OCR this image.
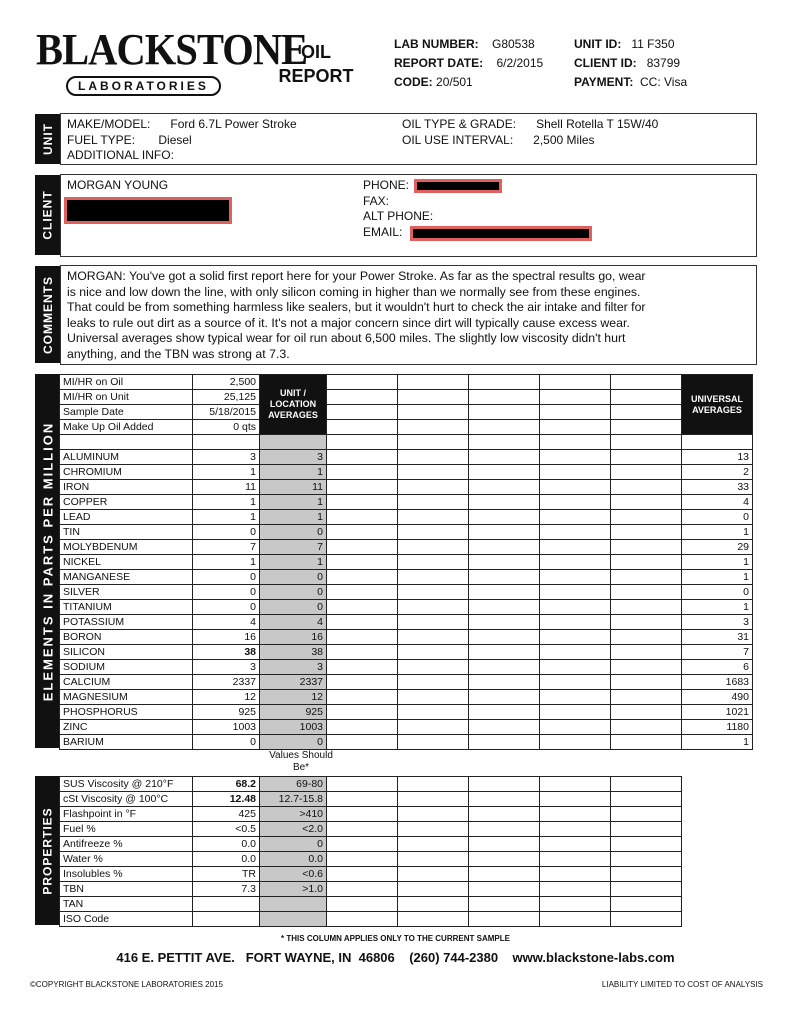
BLACKSTONE
LABORATORIES
OIL
REPORT
LAB NUMBER: G80538
REPORT DATE: 6/2/2015
CODE: 20/501
UNIT ID: 11 F350
CLIENT ID: 83799
PAYMENT: CC: Visa
UNIT MAKE/MODEL: Ford 6.7L Power Stroke
FUEL TYPE: Diesel
ADDITIONAL INFO:
OIL TYPE & GRADE: Shell Rotella T 15W/40
OIL USE INTERVAL: 2,500 Miles
CLIENT
MORGAN YOUNG	PHONE:
FAX:
ALT PHONE:
EMAIL:
COMMENTS MORGAN: You've got a solid first report here for your Power Stroke. As far as the spectral results go, wear
is nice and low down the line, with only silicon coming in higher than we normally see from these engines.
That could be from something harmless like sealers, but it wouldn't hurt to check the air intake and filter for
leaks to rule out dirt as a source of it. It's not a major concern since dirt will typically cause excess wear.
Universal averages show typical wear for oil run about 6,500 miles. The slightly low viscosity didn't hurt
anything, and the TBN was strong at 7.3.
ELEMENTS IN PARTS PER MILLION
MI/HR on Oil	2,500	UNIT / LOCATION AVERAGES						UNIVERSAL AVERAGES
MI/HR on Unit	25,125							
Sample Date	5/18/2015							
Make Up Oil Added	0 qts							

ALUMINUM	3	3						13
CHROMIUM	1	1						2
IRON	11	11						33
COPPER	1	1						4
LEAD	1	1						0
TIN	0	0						1
MOLYBDENUM	7	7						29
NICKEL	1	1						1
MANGANESE	0	0						1
SILVER	0	0						0
TITANIUM	0	0						1
POTASSIUM	4	4						3
BORON	16	16						31
SILICON	38	38						7
SODIUM	3	3						6
CALCIUM	2337	2337						1683
MAGNESIUM	12	12						490
PHOSPHORUS	925	925						1021
ZINC	1003	1003						1180
BARIUM	0	0						1
Values Should Be*
PROPERTIES
SUS Viscosity @ 210°F	68.2	69-80					
cSt Viscosity @ 100°C	12.48	12.7-15.8					
Flashpoint in °F	425	>410					
Fuel %	<0.5	<2.0					
Antifreeze %	0.0	0					
Water %	0.0	0.0					
Insolubles %	TR	<0.6					
TBN	7.3	>1.0					
TAN							
ISO Code							
* THIS COLUMN APPLIES ONLY TO THE CURRENT SAMPLE
416 E. PETTIT AVE.   FORT WAYNE, IN  46806    (260) 744-2380    www.blackstone-labs.com
©COPYRIGHT BLACKSTONE LABORATORIES 2015	LIABILITY LIMITED TO COST OF ANALYSIS
